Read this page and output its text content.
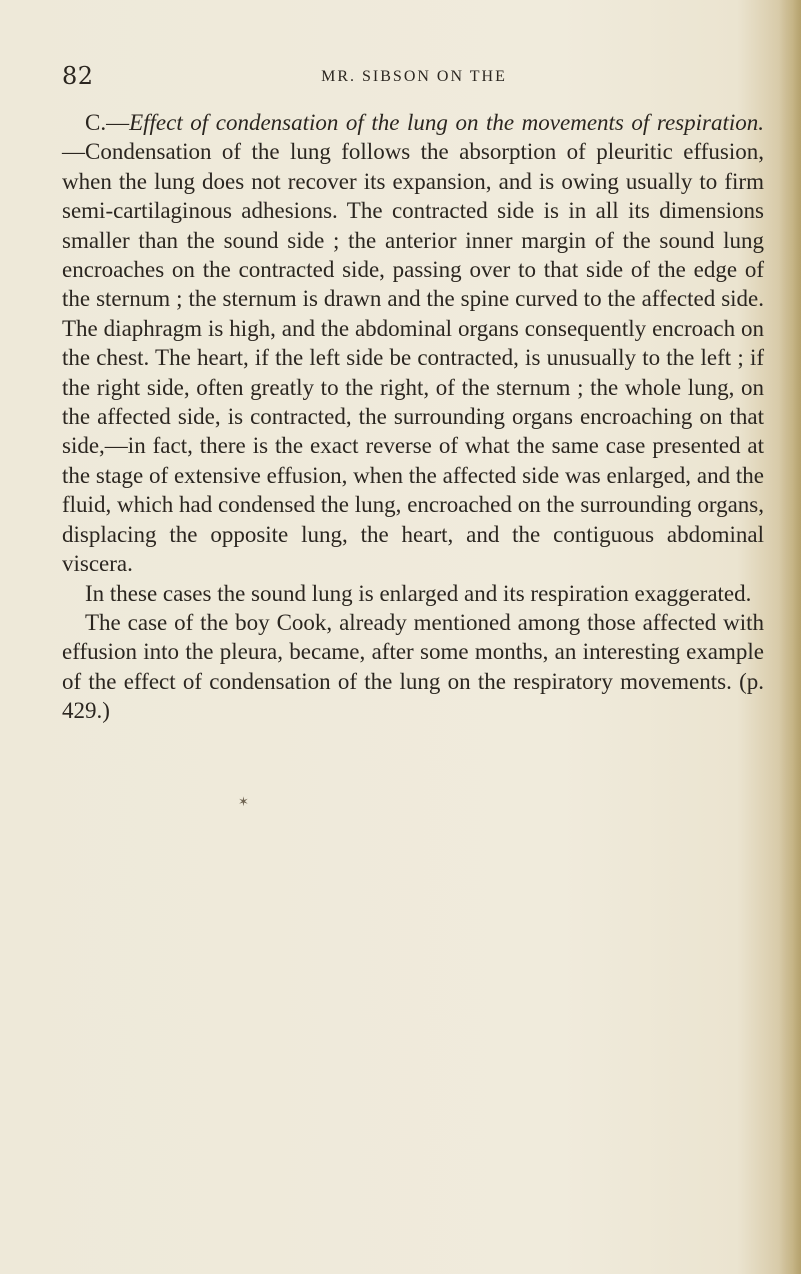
82	MR. SIBSON ON THE

C.—Effect of condensation of the lung on the movements of respiration.—Condensation of the lung follows the absorption of pleuritic effusion, when the lung does not recover its expansion, and is owing usually to firm semi-cartilaginous adhesions. The contracted side is in all its dimensions smaller than the sound side ; the anterior inner margin of the sound lung encroaches on the contracted side, passing over to that side of the edge of the sternum ; the sternum is drawn and the spine curved to the affected side. The diaphragm is high, and the abdominal organs consequently encroach on the chest. The heart, if the left side be contracted, is unusually to the left ; if the right side, often greatly to the right, of the sternum ; the whole lung, on the affected side, is contracted, the surrounding organs encroaching on that side,—in fact, there is the exact reverse of what the same case presented at the stage of extensive effusion, when the affected side was enlarged, and the fluid, which had condensed the lung, encroached on the surrounding organs, displacing the opposite lung, the heart, and the contiguous abdominal viscera.

In these cases the sound lung is enlarged and its respiration exaggerated.

The case of the boy Cook, already mentioned among those affected with effusion into the pleura, became, after some months, an interesting example of the effect of condensation of the lung on the respiratory movements. (p. 429.)

✶
